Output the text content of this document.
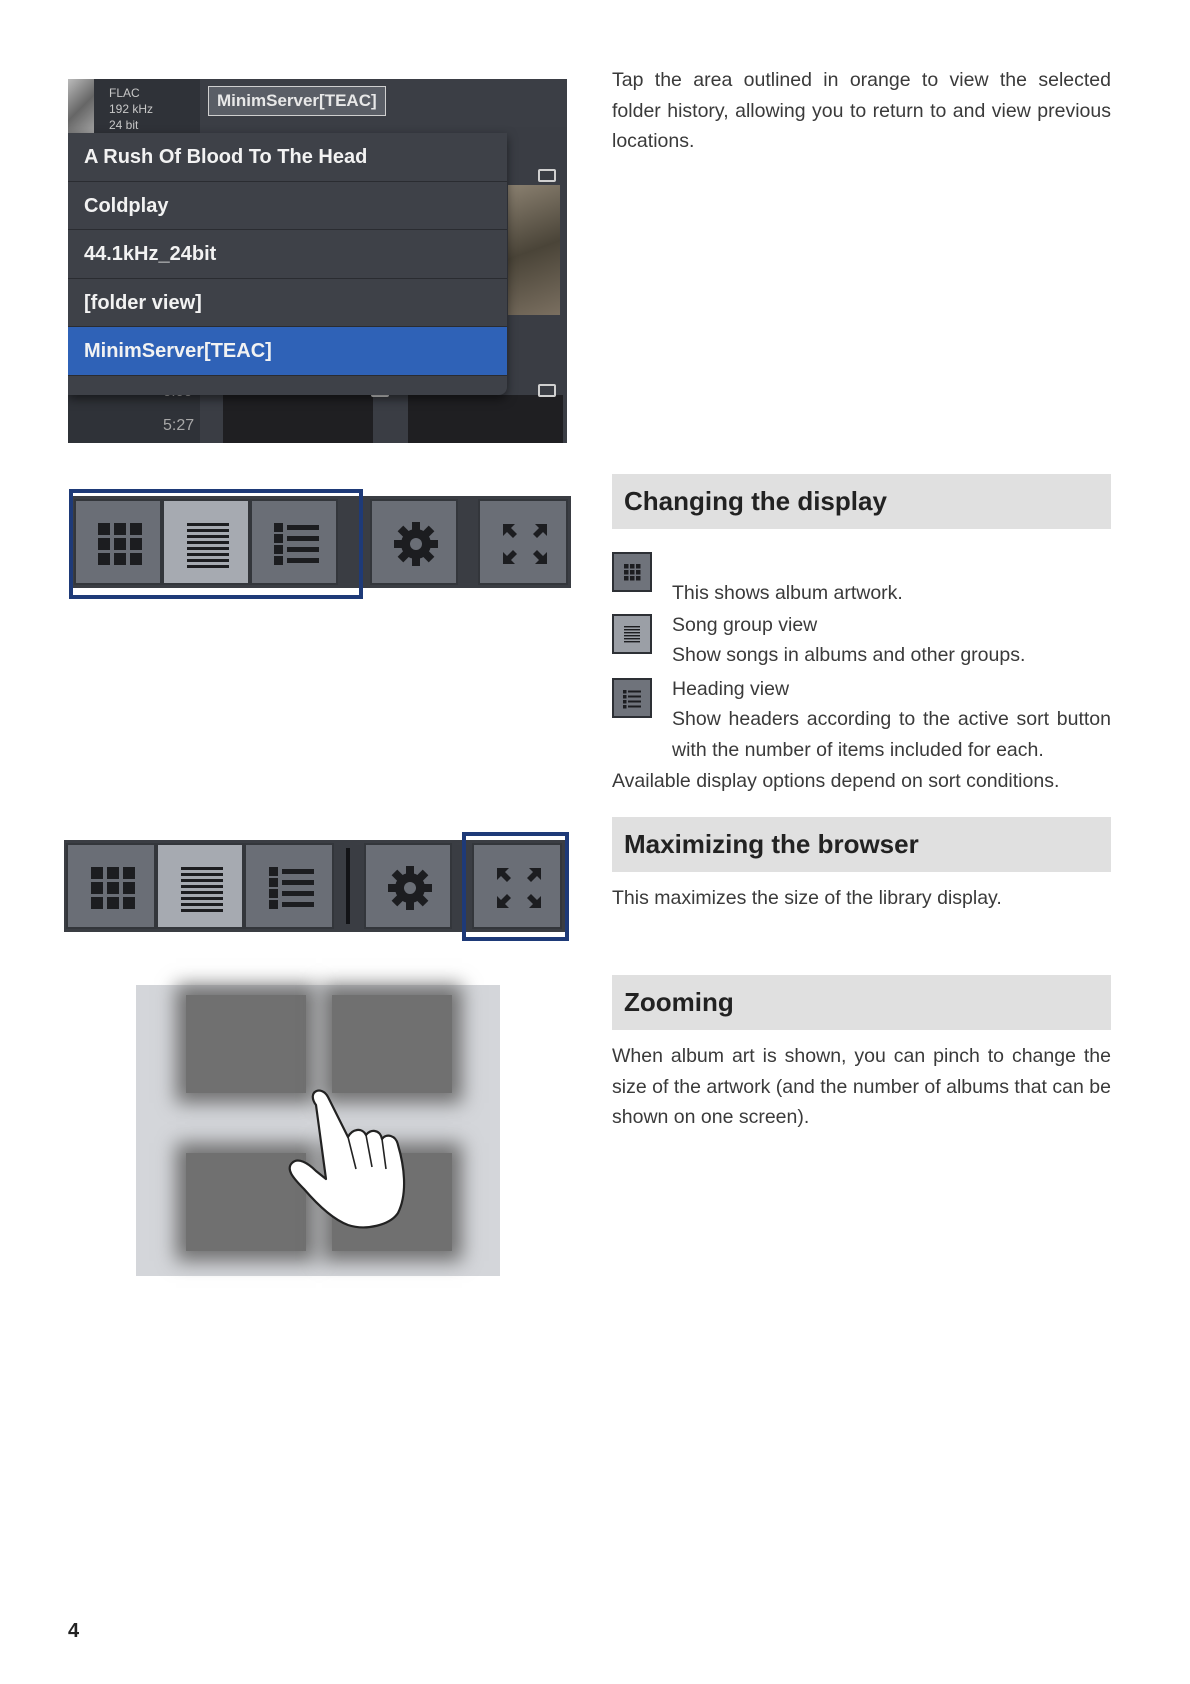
FLAC
192 kHz
24 bit
MinimServer[TEAC]
5:27
A Rush Of Blood To The Head
Coldplay
44.1kHz_24bit
[folder view]
MinimServer[TEAC]
Tap the area outlined in orange to view the selected folder history, allowing you to return to and view previous locations.
Changing the display
This shows album artwork.
Song group view
Show songs in albums and other groups.
Heading view
Show headers according to the active sort button with the number of items included for each.
Available display options depend on sort conditions.
Maximizing the browser
This maximizes the size of the library display.
Zooming
When album art is shown, you can pinch to change the size of the artwork (and the number of albums that can be shown on one screen).
4
